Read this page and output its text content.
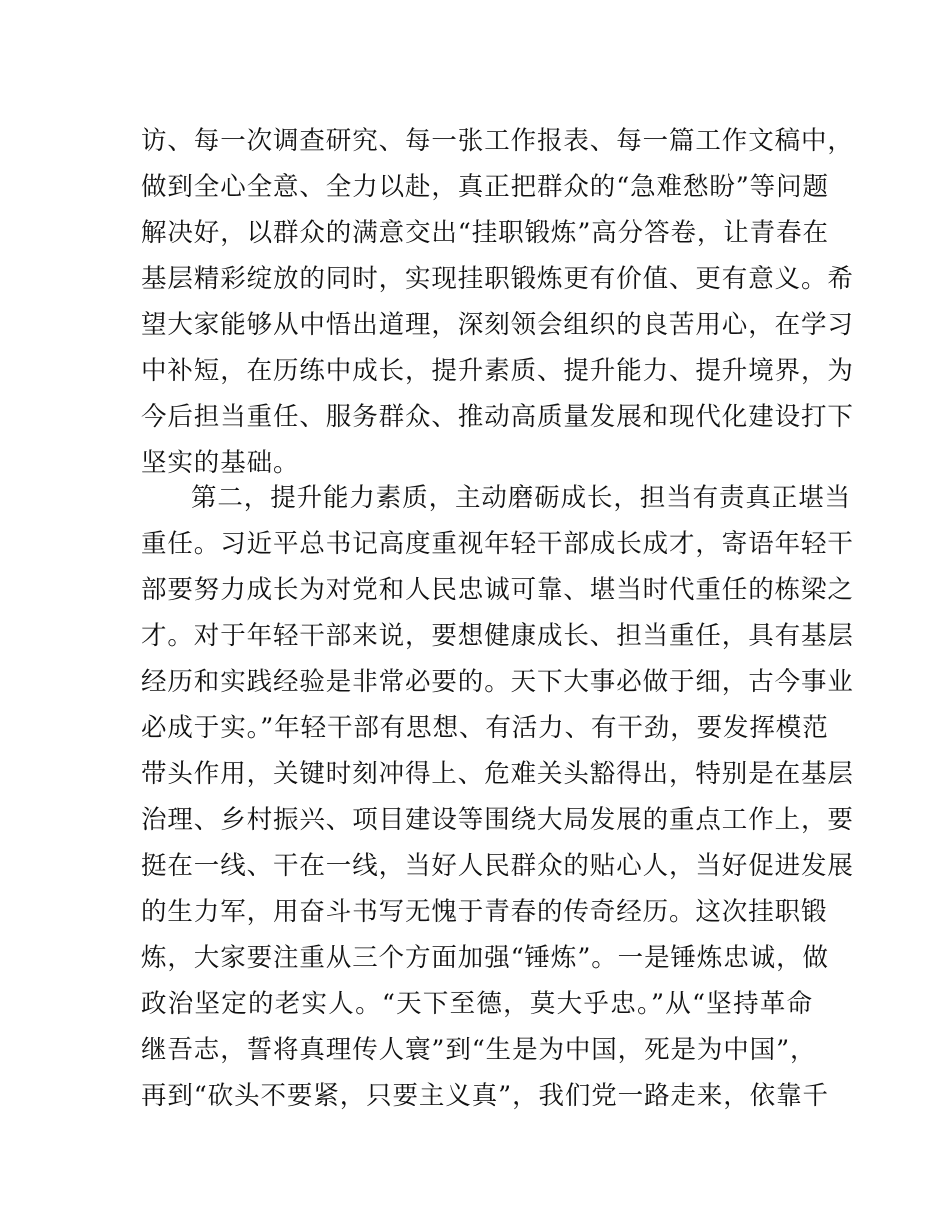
访、每一次调查研究、每一张工作报表、每一篇工作文稿中，
做到全心全意、全力以赴，真正把群众的“急难愁盼”等问题
解决好，以群众的满意交出“挂职锻炼”高分答卷，让青春在
基层精彩绽放的同时，实现挂职锻炼更有价值、更有意义。希
望大家能够从中悟出道理，深刻领会组织的良苦用心，在学习
中补短，在历练中成长，提升素质、提升能力、提升境界，为
今后担当重任、服务群众、推动高质量发展和现代化建设打下
坚实的基础。
第二，提升能力素质，主动磨砺成长，担当有责真正堪当
重任。习近平总书记高度重视年轻干部成长成才，寄语年轻干
部要努力成长为对党和人民忠诚可靠、堪当时代重任的栋梁之
才。对于年轻干部来说，要想健康成长、担当重任，具有基层
经历和实践经验是非常必要的。天下大事必做于细，古今事业
必成于实。”年轻干部有思想、有活力、有干劲，要发挥模范
带头作用，关键时刻冲得上、危难关头豁得出，特别是在基层
治理、乡村振兴、项目建设等围绕大局发展的重点工作上，要
挺在一线、干在一线，当好人民群众的贴心人，当好促进发展
的生力军，用奋斗书写无愧于青春的传奇经历。这次挂职锻
炼，大家要注重从三个方面加强“锤炼”。一是锤炼忠诚，做
政治坚定的老实人。“天下至德，莫大乎忠。”从“坚持革命
继吾志，誓将真理传人寰”到“生是为中国，死是为中国”，
再到“砍头不要紧，只要主义真”，我们党一路走来，依靠千
